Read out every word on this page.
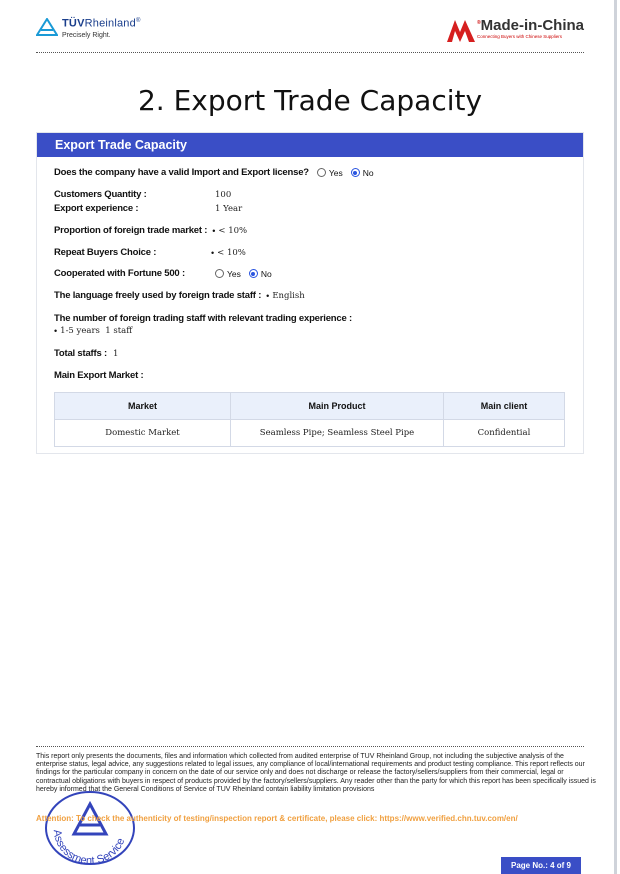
TÜVRheinland®
Precisely Right.
®Made-in-China
Connecting Buyers with Chinese Suppliers
2. Export Trade Capacity
Export Trade Capacity
Does the company have a valid Import and Export license? Yes No
Customers Quantity :	100
Export experience :	1 Year
Proportion of foreign trade market : • < 10%
Repeat Buyers Choice :	• < 10%
Cooperated with Fortune 500 :	Yes No
The language freely used by foreign trade staff : • English
The number of foreign trading staff with relevant trading experience :
• 1-5 years  1 staff
Total staffs : 1
Main Export Market :
Market	Main Product	Main client
Domestic Market	Seamless Pipe; Seamless Steel Pipe	Confidential
This report only presents the documents, files and information which collected from audited enterprise of TUV Rheinland Group, not including the subjective analysis of the enterprise status, legal advice, any suggestions related to legal issues, any compliance of local/international requirements and product testing compliance. This report reflects our findings for the particular company in concern on the date of our service only and does not discharge or release the factory/sellers/suppliers from their commercial, legal or contractual obligations with buyers in respect of products provided by the factory/sellers/suppliers. Any reader other than the party for which this report has been specifically issued is hereby informed that the General Conditions of Service of TUV Rheinland contain liability limitation provisions
Assessment Service
Attention: To check the authenticity of testing/inspection report & certificate, please click: https://www.verified.chn.tuv.com/en/
Page No.: 4 of 9
